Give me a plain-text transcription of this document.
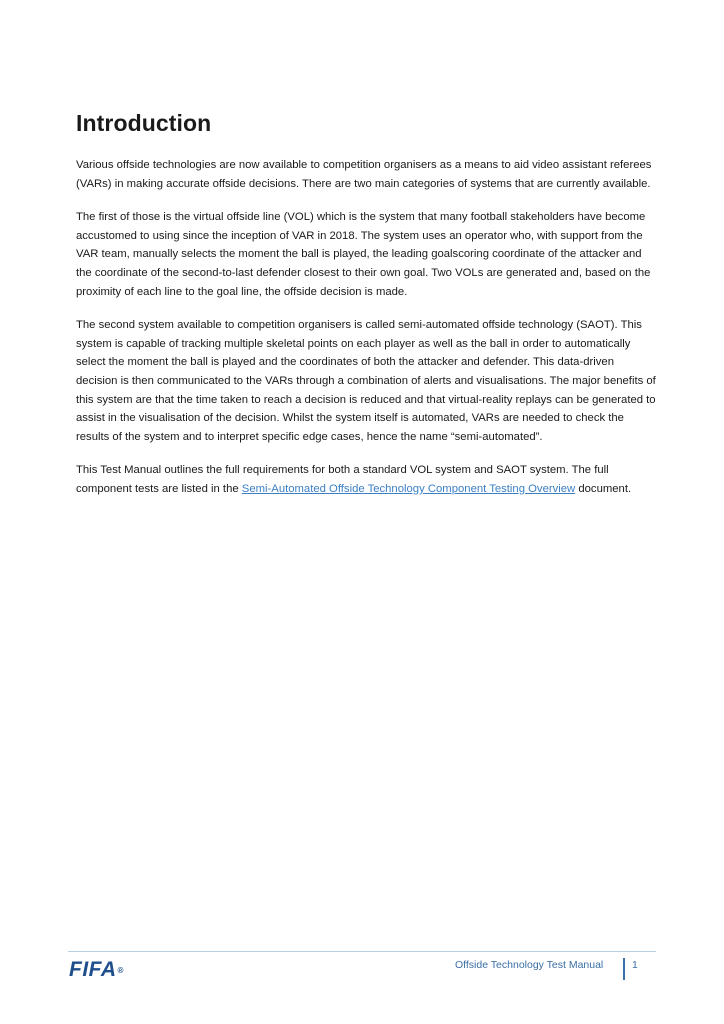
Introduction

Various offside technologies are now available to competition organisers as a means to aid video assistant referees (VARs) in making accurate offside decisions. There are two main categories of systems that are currently available.

The first of those is the virtual offside line (VOL) which is the system that many football stakeholders have become accustomed to using since the inception of VAR in 2018. The system uses an operator who, with support from the VAR team, manually selects the moment the ball is played, the leading goalscoring coordinate of the attacker and the coordinate of the second-to-last defender closest to their own goal. Two VOLs are generated and, based on the proximity of each line to the goal line, the offside decision is made.

The second system available to competition organisers is called semi-automated offside technology (SAOT). This system is capable of tracking multiple skeletal points on each player as well as the ball in order to automatically select the moment the ball is played and the coordinates of both the attacker and defender. This data-driven decision is then communicated to the VARs through a combination of alerts and visualisations. The major benefits of this system are that the time taken to reach a decision is reduced and that virtual-reality replays can be generated to assist in the visualisation of the decision. Whilst the system itself is automated, VARs are needed to check the results of the system and to interpret specific edge cases, hence the name “semi-automated”.

This Test Manual outlines the full requirements for both a standard VOL system and SAOT system. The full component tests are listed in the Semi-Automated Offside Technology Component Testing Overview document.

FIFA®	Offside Technology Test Manual	1
